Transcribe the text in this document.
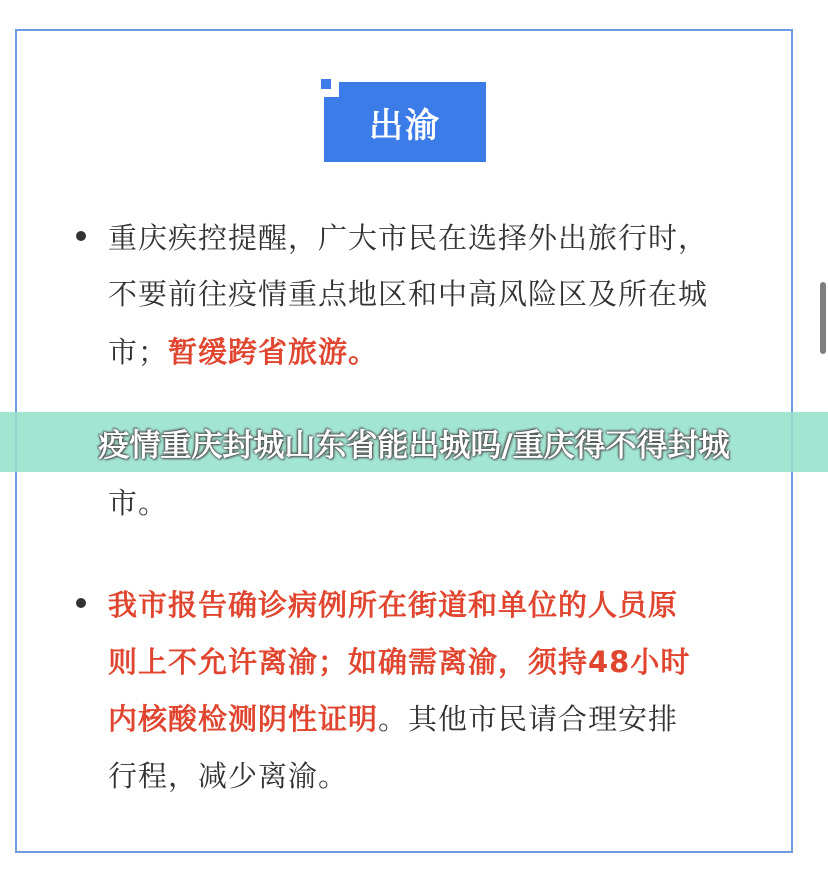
出渝
重庆疾控提醒，广大市民在选择外出旅行时，
不要前往疫情重点地区和中高风险区及所在城
市；暂缓跨省旅游。
市。
我市报告确诊病例所在街道和单位的人员原
则上不允许离渝；如确需离渝，须持48小时
内核酸检测阴性证明。其他市民请合理安排
行程，减少离渝。
疫情重庆封城山东省能出城吗/重庆得不得封城
